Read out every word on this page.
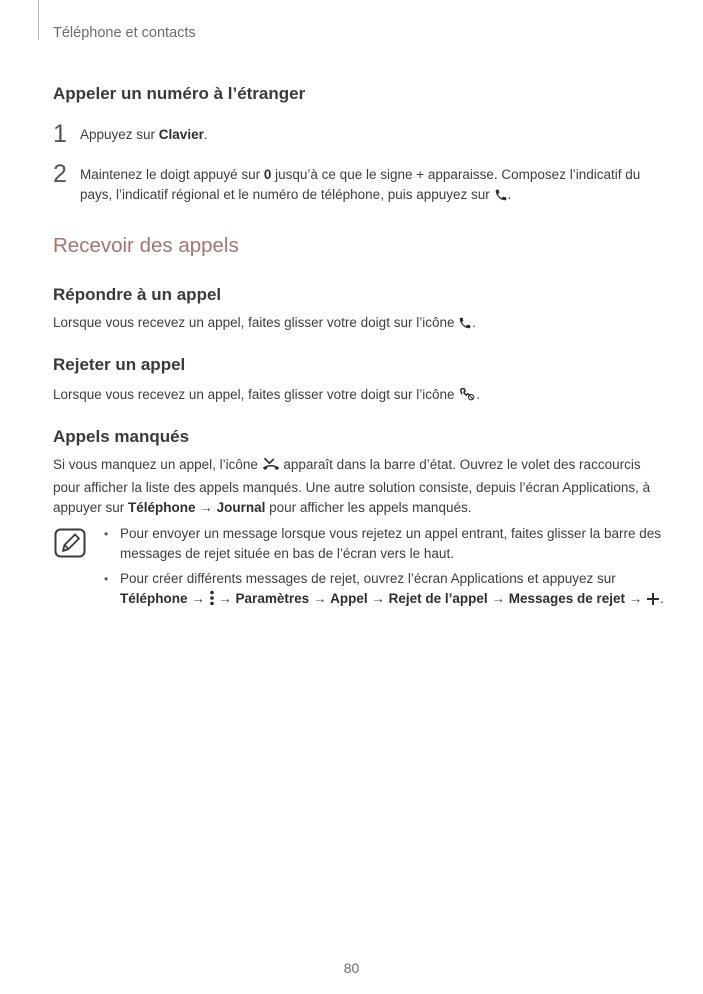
Téléphone et contacts
Appeler un numéro à l’étranger
1 Appuyez sur Clavier.
2 Maintenez le doigt appuyé sur 0 jusqu’à ce que le signe + apparaisse. Composez l’indicatif du
pays, l’indicatif régional et le numéro de téléphone, puis appuyez sur .
Recevoir des appels
Répondre à un appel
Lorsque vous recevez un appel, faites glisser votre doigt sur l’icône .
Rejeter un appel
Lorsque vous recevez un appel, faites glisser votre doigt sur l’icône .
Appels manqués
Si vous manquez un appel, l’icône  apparaît dans la barre d’état. Ouvrez le volet des raccourcis
pour afficher la liste des appels manqués. Une autre solution consiste, depuis l’écran Applications, à
appuyer sur Téléphone → Journal pour afficher les appels manqués.
• Pour envoyer un message lorsque vous rejetez un appel entrant, faites glisser la barre des
messages de rejet située en bas de l’écran vers le haut.
• Pour créer différents messages de rejet, ouvrez l’écran Applications et appuyez sur
Téléphone →  → Paramètres → Appel → Rejet de l’appel → Messages de rejet → .
80
